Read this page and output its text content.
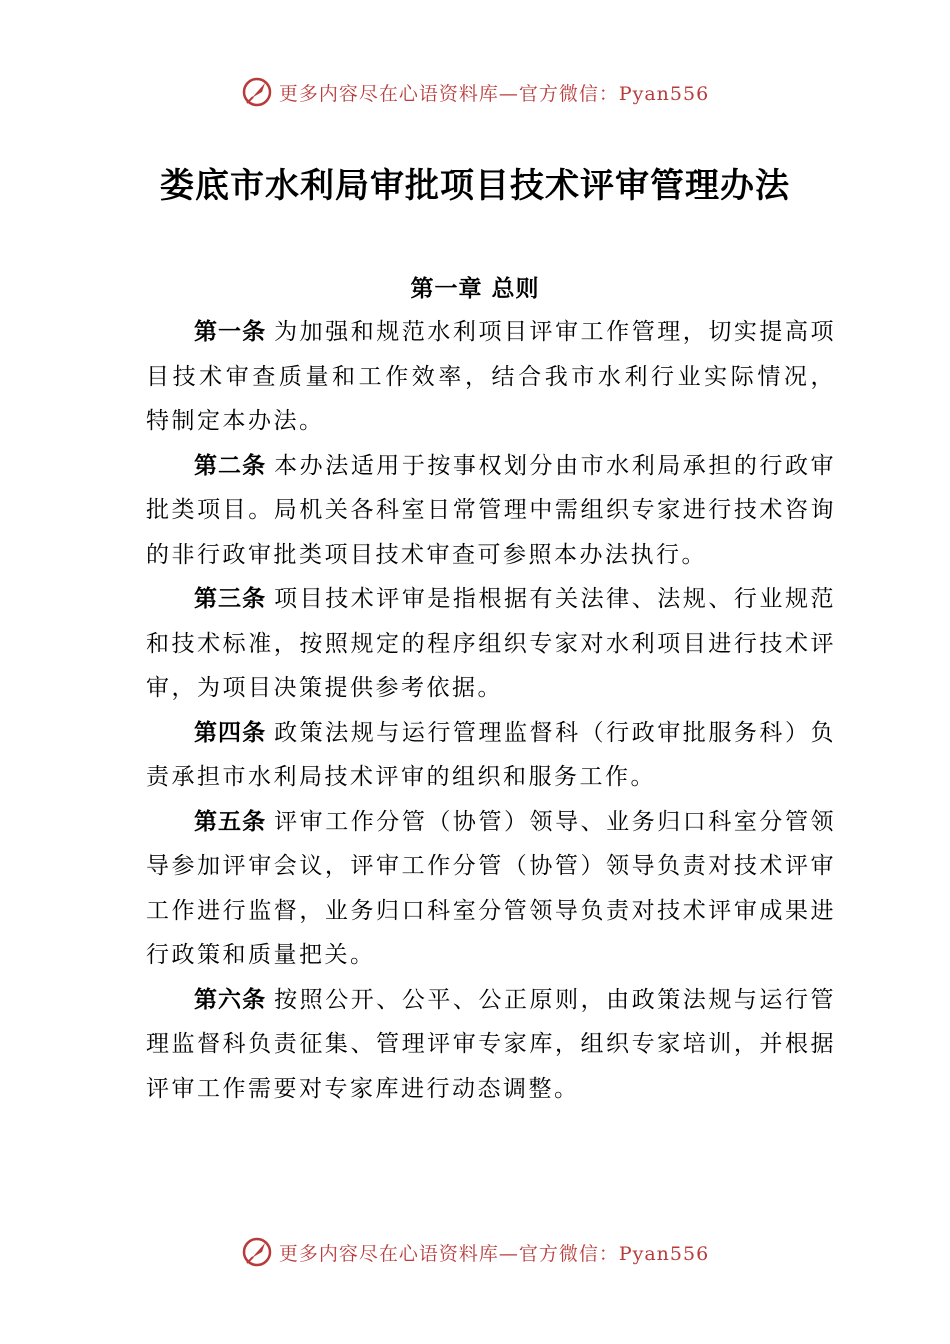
更多内容尽在心语资料库—官方微信：Pyan556
娄底市水利局审批项目技术评审管理办法
第一章 总则

第一条 为加强和规范水利项目评审工作管理，切实提高项目技术审查质量和工作效率，结合我市水利行业实际情况， 特制定本办法。

第二条 本办法适用于按事权划分由市水利局承担的行政审批类项目。局机关各科室日常管理中需组织专家进行技术咨询的非行政审批类项目技术审查可参照本办法执行。

第三条 项目技术评审是指根据有关法律、法规、行业规范和技术标准，按照规定的程序组织专家对水利项目进行技术评审，为项目决策提供参考依据。

第四条 政策法规与运行管理监督科（行政审批服务科）负责承担市水利局技术评审的组织和服务工作。

第五条 评审工作分管（协管）领导、业务归口科室分管领导参加评审会议，评审工作分管（协管）领导负责对技术评审工作进行监督，业务归口科室分管领导负责对技术评审成果进行政策和质量把关。

第六条 按照公开、公平、公正原则，由政策法规与运行管理监督科负责征集、管理评审专家库，组织专家培训，并根据评审工作需要对专家库进行动态调整。

更多内容尽在心语资料库—官方微信：Pyan556
